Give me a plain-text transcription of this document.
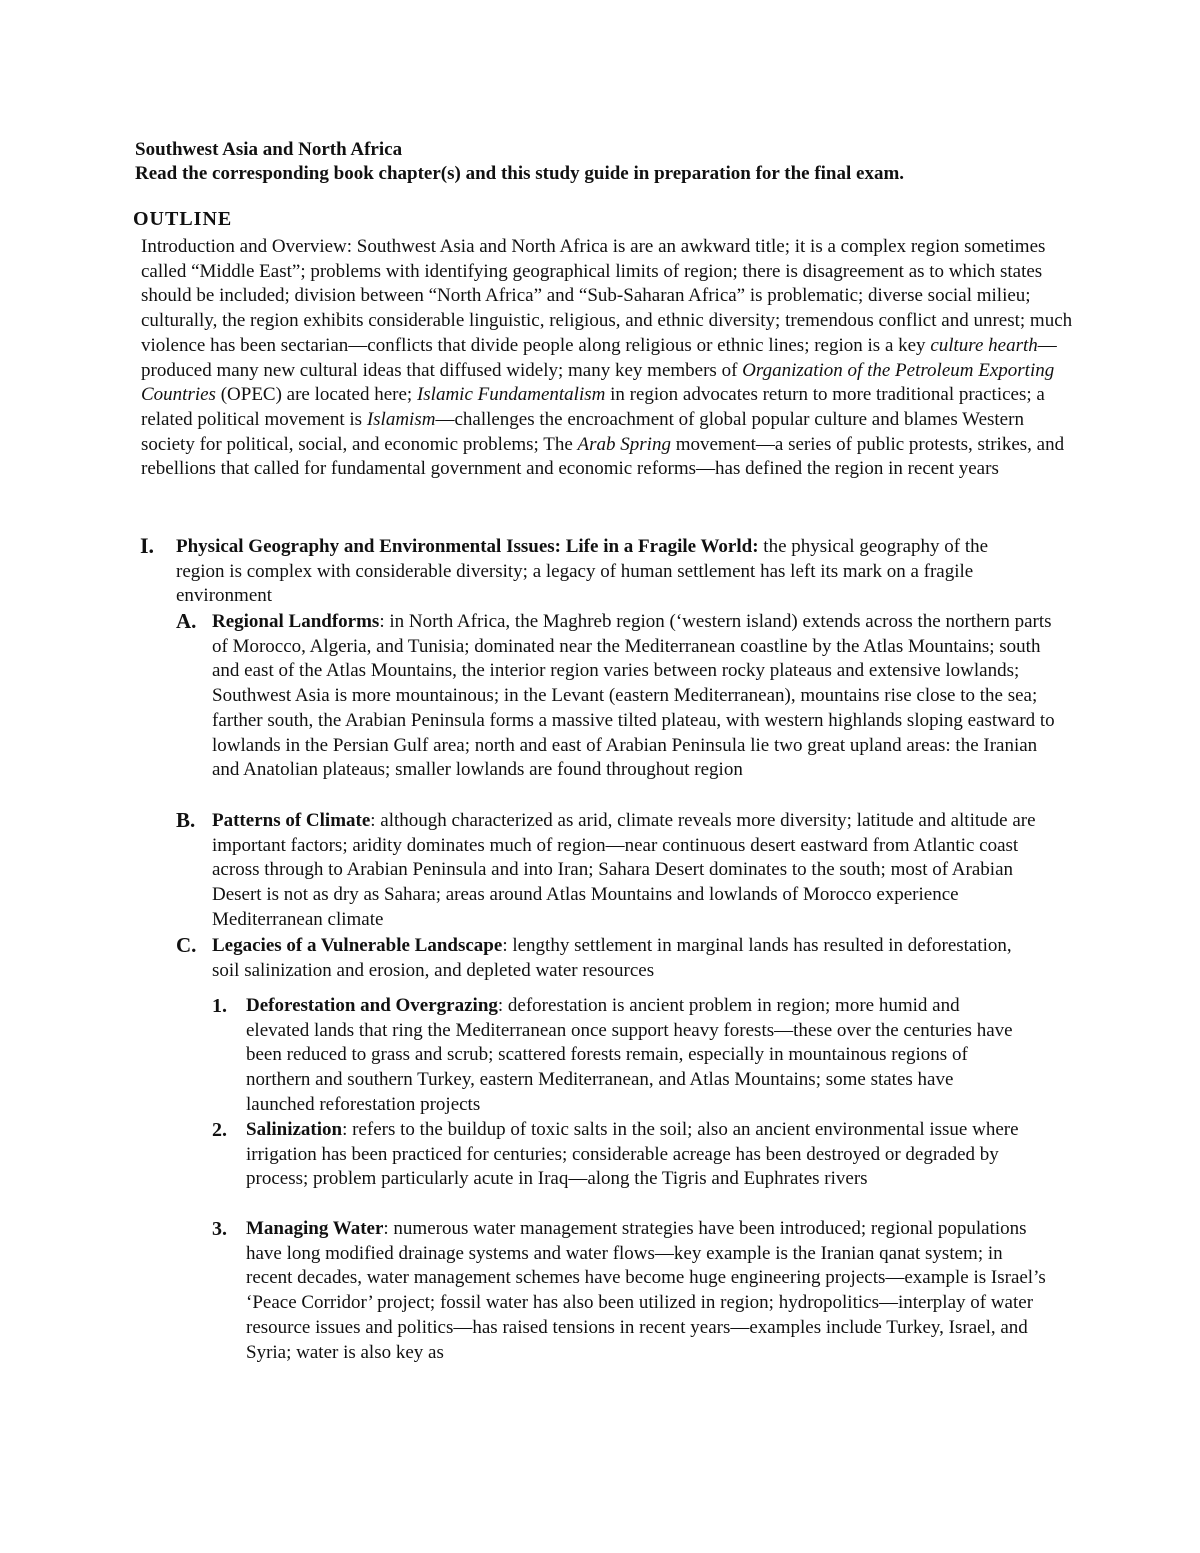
Southwest Asia and North Africa
Read the corresponding book chapter(s) and this study guide in preparation for the final exam.
OUTLINE
Introduction and Overview: Southwest Asia and North Africa is are an awkward title; it is a complex region sometimes called “Middle East”; problems with identifying geographical limits of region; there is disagreement as to which states should be included; division between “North Africa” and “Sub-Saharan Africa” is problematic; diverse social milieu; culturally, the region exhibits considerable linguistic, religious, and ethnic diversity; tremendous conflict and unrest; much violence has been sectarian—conflicts that divide people along religious or ethnic lines; region is a key culture hearth—produced many new cultural ideas that diffused widely; many key members of Organization of the Petroleum Exporting Countries (OPEC) are located here; Islamic Fundamentalism in region advocates return to more traditional practices; a related political movement is Islamism—challenges the encroachment of global popular culture and blames Western society for political, social, and economic problems; The Arab Spring movement—a series of public protests, strikes, and rebellions that called for fundamental government and economic reforms—has defined the region in recent years
I. Physical Geography and Environmental Issues: Life in a Fragile World: the physical geography of the region is complex with considerable diversity; a legacy of human settlement has left its mark on a fragile environment
A. Regional Landforms: in North Africa, the Maghreb region (‘western island) extends across the northern parts of Morocco, Algeria, and Tunisia; dominated near the Mediterranean coastline by the Atlas Mountains; south and east of the Atlas Mountains, the interior region varies between rocky plateaus and extensive lowlands; Southwest Asia is more mountainous; in the Levant (eastern Mediterranean), mountains rise close to the sea; farther south, the Arabian Peninsula forms a massive tilted plateau, with western highlands sloping eastward to lowlands in the Persian Gulf area; north and east of Arabian Peninsula lie two great upland areas: the Iranian and Anatolian plateaus; smaller lowlands are found throughout region
B. Patterns of Climate: although characterized as arid, climate reveals more diversity; latitude and altitude are important factors; aridity dominates much of region—near continuous desert eastward from Atlantic coast across through to Arabian Peninsula and into Iran; Sahara Desert dominates to the south; most of Arabian Desert is not as dry as Sahara; areas around Atlas Mountains and lowlands of Morocco experience Mediterranean climate
C. Legacies of a Vulnerable Landscape: lengthy settlement in marginal lands has resulted in deforestation, soil salinization and erosion, and depleted water resources
1. Deforestation and Overgrazing: deforestation is ancient problem in region; more humid and elevated lands that ring the Mediterranean once support heavy forests—these over the centuries have been reduced to grass and scrub; scattered forests remain, especially in mountainous regions of northern and southern Turkey, eastern Mediterranean, and Atlas Mountains; some states have launched reforestation projects
2. Salinization: refers to the buildup of toxic salts in the soil; also an ancient environmental issue where irrigation has been practiced for centuries; considerable acreage has been destroyed or degraded by process; problem particularly acute in Iraq—along the Tigris and Euphrates rivers
3. Managing Water: numerous water management strategies have been introduced; regional populations have long modified drainage systems and water flows—key example is the Iranian qanat system; in recent decades, water management schemes have become huge engineering projects—example is Israel’s ‘Peace Corridor’ project; fossil water has also been utilized in region; hydropolitics—interplay of water resource issues and politics—has raised tensions in recent years—examples include Turkey, Israel, and Syria; water is also key as
